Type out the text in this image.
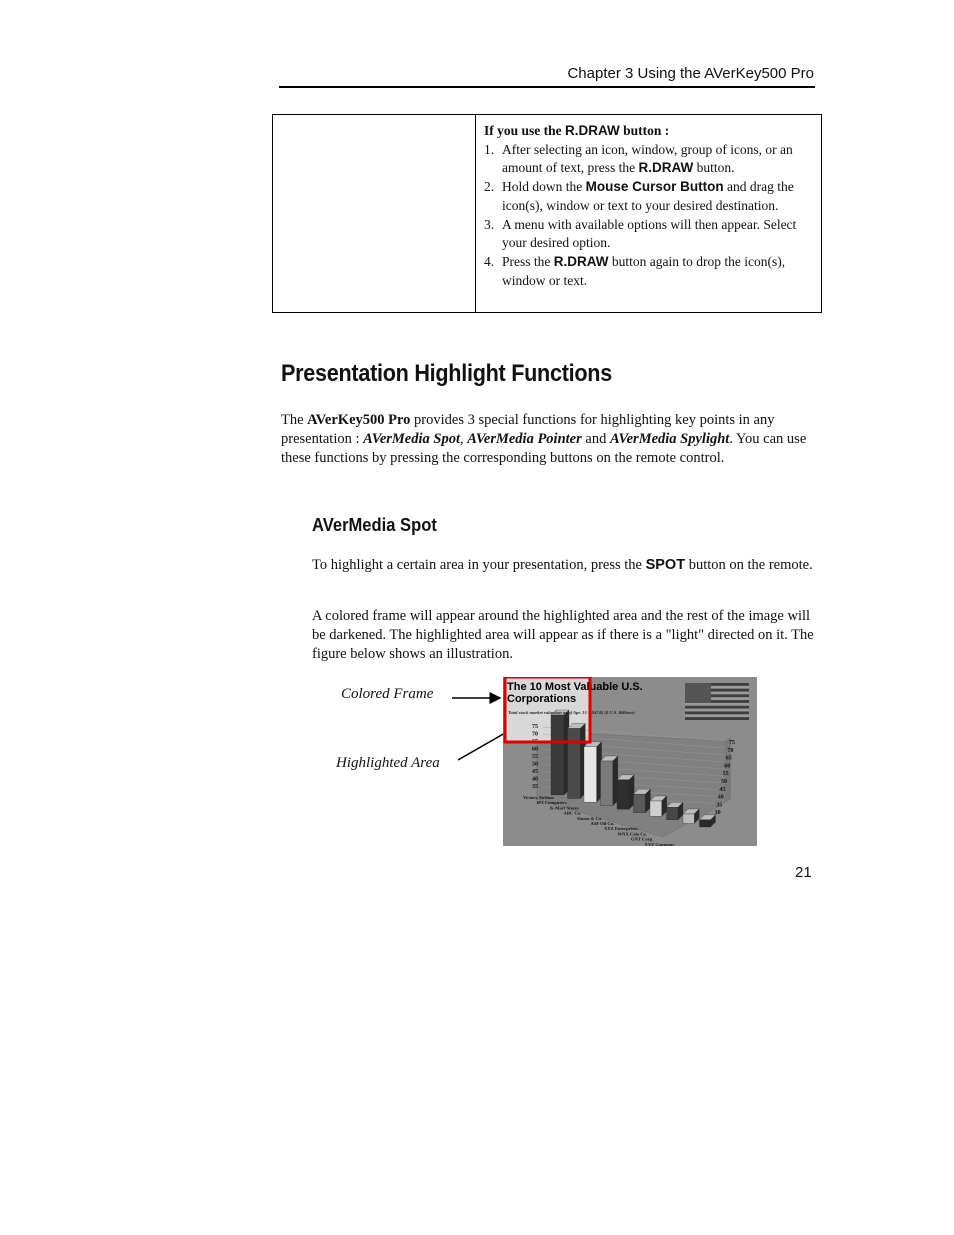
Chapter 3 Using the AVerKey500 Pro
If you use the R.DRAW button :
1. After selecting an icon, window, group of icons, or an amount of text, press the R.DRAW button.
2. Hold down the Mouse Cursor Button and drag the icon(s), window or text to your desired destination.
3. A menu with available options will then appear. Select your desired option.
4. Press the R.DRAW button again to drop the icon(s), window or text.
Presentation Highlight Functions
The AVerKey500 Pro provides 3 special functions for highlighting key points in any presentation : AVerMedia Spot, AVerMedia Pointer and AVerMedia Spylight. You can use these functions by pressing the corresponding buttons on the remote control.
AVerMedia Spot
To highlight a certain area in your presentation, press the SPOT button on the remote.
A colored frame will appear around the highlighted area and the rest of the image will be darkened. The highlighted area will appear as if there is a "light" directed on it. The figure below shows an illustration.
Colored Frame
Highlighted Area
75
70
65
60
55
50
45
40
35
75
70
65
60
55
50
45
40
35
30
Victory Airlines
IPS Computers
K-Mart Stores
ABC Co.
Simon & Co.
ASF Oil Co.
XYZ Enterprises
WNX Cola Co.
GNT Corp.
XYZ Company
The 10 Most Valuable U.S.
Corporations
Total stock market valuation as of Apr. 15 = $4744 ($ U.S. Billions)
21
